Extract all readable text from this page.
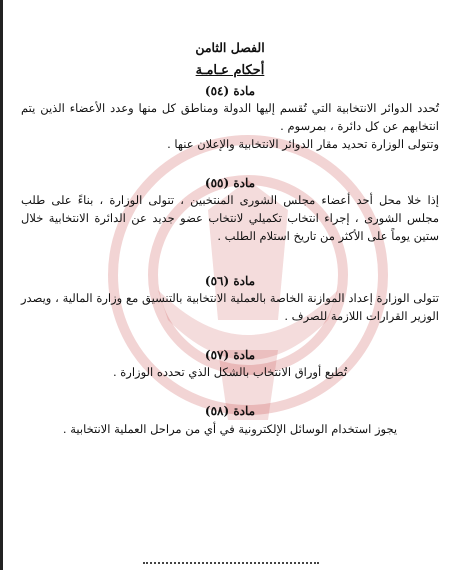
الفصل الثامن

أحكام عـامـة

مادة (٥٤)

تُحدد الدوائر الانتخابية التي تُقسم إليها الدولة ومناطق كل منها وعدد الأعضاء الذين يتم انتخابهم عن كل دائرة ، بمرسوم .

وتتولى الوزارة تحديد مقار الدوائر الانتخابية والإعلان عنها .

مادة (٥٥)

إذا خلا محل أحد أعضاء مجلس الشورى المنتخبين ، تتولى الوزارة ، بناءً على طلب مجلس الشورى ، إجراء انتخاب تكميلي لانتخاب عضو جديد عن الدائرة الانتخابية خلال ستين يوماً على الأكثر من تاريخ استلام الطلب .

مادة (٥٦)

تتولى الوزارة إعداد الموازنة الخاصة بالعملية الانتخابية بالتنسيق مع وزارة المالية ، ويصدر الوزير القرارات اللازمة للصرف .

مادة (٥٧)

تُطبع أوراق الانتخاب بالشكل الذي تحدده الوزارة .

مادة (٥٨)

يجوز استخدام الوسائل الإلكترونية في أي من مراحل العملية الانتخابية .
